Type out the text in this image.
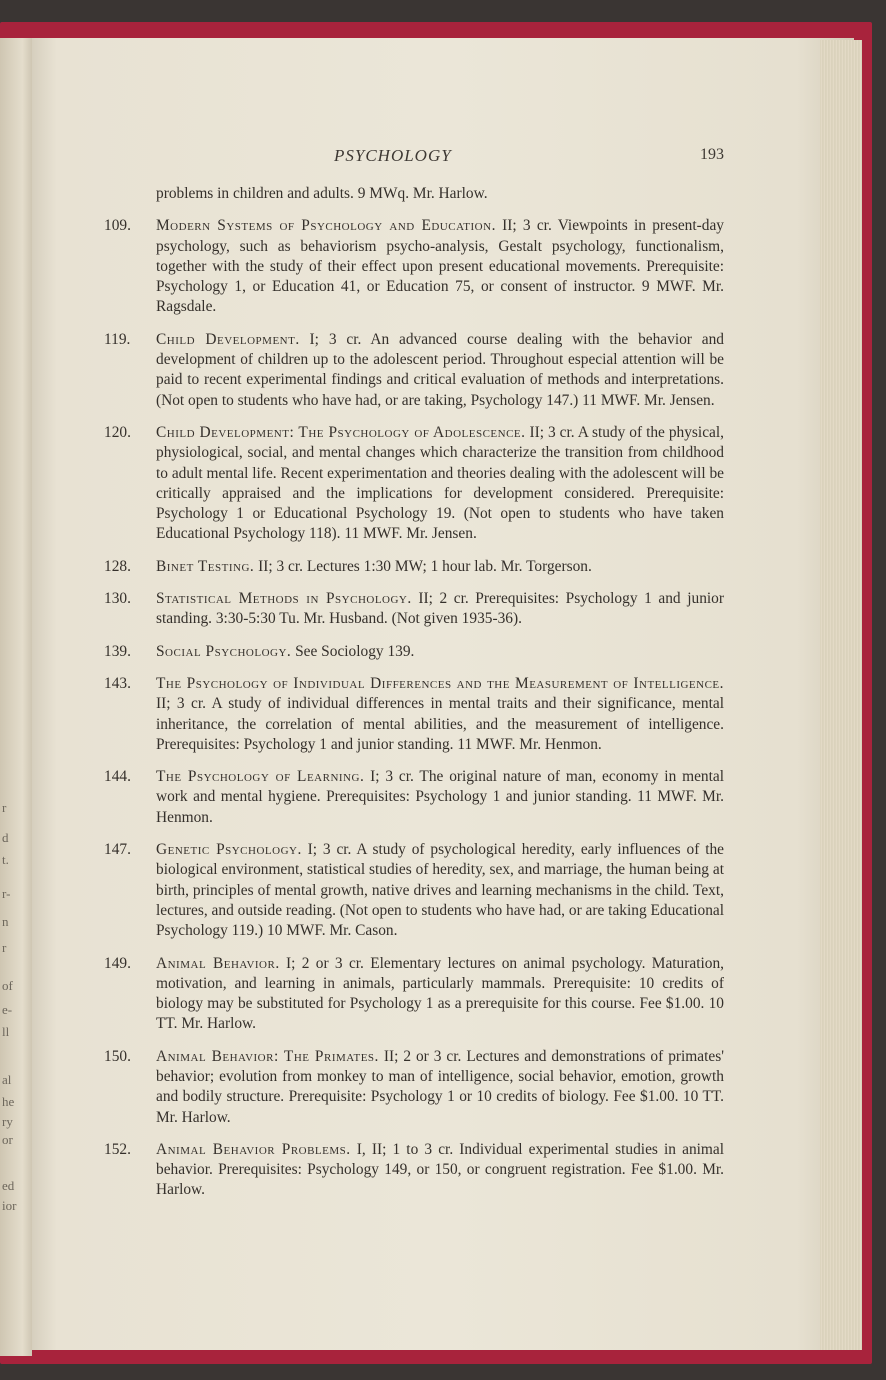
r
d
t.
r-
n
r
of
e-
ll
al
he
ry
or
ed
ior
PSYCHOLOGY	193

problems in children and adults. 9 MWq. Mr. Harlow.

109. Modern Systems of Psychology and Education. II; 3 cr. Viewpoints in present-day psychology, such as behaviorism psycho-analysis, Gestalt psychology, functionalism, together with the study of their effect upon present educational movements. Prerequisite: Psychology 1, or Education 41, or Education 75, or consent of instructor. 9 MWF. Mr. Ragsdale.
119. Child Development. I; 3 cr. An advanced course dealing with the behavior and development of children up to the adolescent period. Throughout especial attention will be paid to recent experimental findings and critical evaluation of methods and interpretations. (Not open to students who have had, or are taking, Psychology 147.) 11 MWF. Mr. Jensen.
120. Child Development: The Psychology of Adolescence. II; 3 cr. A study of the physical, physiological, social, and mental changes which characterize the transition from childhood to adult mental life. Recent experimentation and theories dealing with the adolescent will be critically appraised and the implications for development considered. Prerequisite: Psychology 1 or Educational Psychology 19. (Not open to students who have taken Educational Psychology 118). 11 MWF. Mr. Jensen.
128. Binet Testing. II; 3 cr. Lectures 1:30 MW; 1 hour lab. Mr. Torgerson.
130. Statistical Methods in Psychology. II; 2 cr. Prerequisites: Psychology 1 and junior standing. 3:30-5:30 Tu. Mr. Husband. (Not given 1935-36).
139. Social Psychology. See Sociology 139.
143. The Psychology of Individual Differences and the Measurement of Intelligence. II; 3 cr. A study of individual differences in mental traits and their significance, mental inheritance, the correlation of mental abilities, and the measurement of intelligence. Prerequisites: Psychology 1 and junior standing. 11 MWF. Mr. Henmon.
144. The Psychology of Learning. I; 3 cr. The original nature of man, economy in mental work and mental hygiene. Prerequisites: Psychology 1 and junior standing. 11 MWF. Mr. Henmon.
147. Genetic Psychology. I; 3 cr. A study of psychological heredity, early influences of the biological environment, statistical studies of heredity, sex, and marriage, the human being at birth, principles of mental growth, native drives and learning mechanisms in the child. Text, lectures, and outside reading. (Not open to students who have had, or are taking Educational Psychology 119.) 10 MWF. Mr. Cason.
149. Animal Behavior. I; 2 or 3 cr. Elementary lectures on animal psychology. Maturation, motivation, and learning in animals, particularly mammals. Prerequisite: 10 credits of biology may be substituted for Psychology 1 as a prerequisite for this course. Fee $1.00. 10 TT. Mr. Harlow.
150. Animal Behavior: The Primates. II; 2 or 3 cr. Lectures and demonstrations of primates' behavior; evolution from monkey to man of intelligence, social behavior, emotion, growth and bodily structure. Prerequisite: Psychology 1 or 10 credits of biology. Fee $1.00. 10 TT. Mr. Harlow.
152. Animal Behavior Problems. I, II; 1 to 3 cr. Individual experimental studies in animal behavior. Prerequisites: Psychology 149, or 150, or congruent registration. Fee $1.00. Mr. Harlow.
